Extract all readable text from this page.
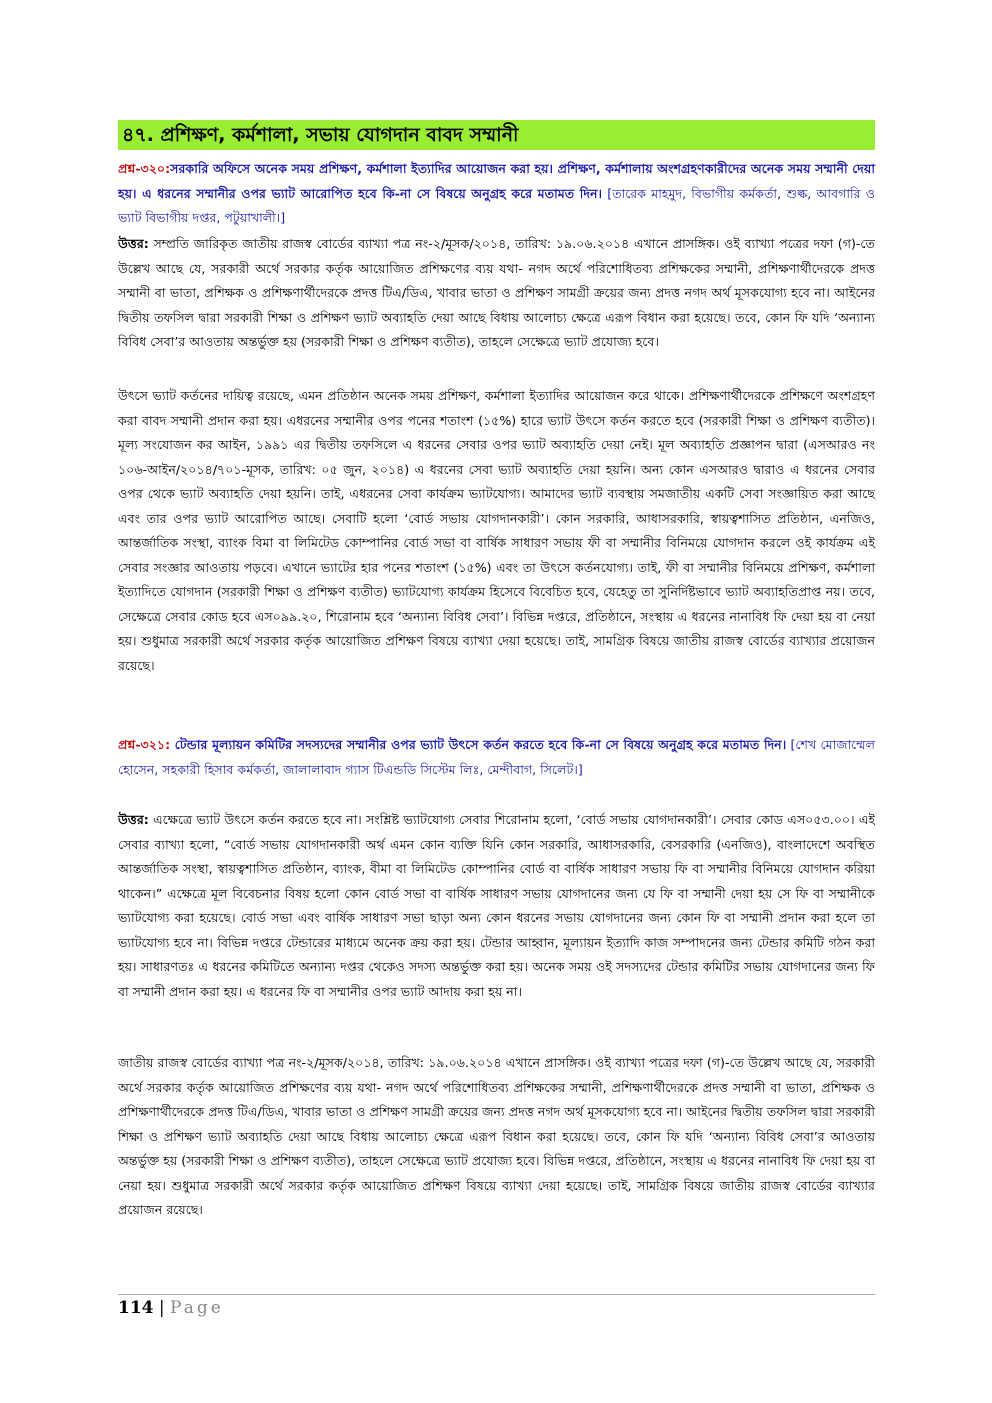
৪৭. প্রশিক্ষণ, কর্মশালা, সভায় যোগদান বাবদ সম্মানী
প্রশ্ন-৩২০:সরকারি অফিসে অনেক সময় প্রশিক্ষণ, কর্মশালা ইত্যাদির আয়োজন করা হয়। প্রশিক্ষণ, কর্মশালায় অংশগ্রহণকারীদের অনেক সময় সম্মানী দেয়া হয়। এ ধরনের সম্মানীর ওপর ভ্যাট আরোপিত হবে কি-না সে বিষয়ে অনুগ্রহ করে মতামত দিন। [তারেক মাহমুদ, বিভাগীয় কর্মকর্তা, শুল্ক, আবগারি ও ভ্যাট বিভাগীয় দপ্তর, পটুয়াখালী।]
উত্তর: সম্প্রতি জারিকৃত জাতীয় রাজস্ব বোর্ডের ব্যাখ্যা পত্র নং-২/মূসক/২০১৪, তারিখ: ১৯.০৬.২০১৪ এখানে প্রাসঙ্গিক। ওই ব্যাখ্যা পত্রের দফা (গ)-তে উল্লেখ আছে যে, সরকারী অর্থে সরকার কর্তৃক আয়োজিত প্রশিক্ষণের ব্যয় যথা- নগদ অর্থে পরিশোধিতব্য প্রশিক্ষকের সম্মানী, প্রশিক্ষণার্থীদেরকে প্রদত্ত সম্মানী বা ভাতা, প্রশিক্ষক ও প্রশিক্ষণার্থীদেরকে প্রদত্ত টিএ/ডিএ, খাবার ভাতা ও প্রশিক্ষণ সামগ্রী ক্রয়ের জন্য প্রদত্ত নগদ অর্থ মূসকযোগ্য হবে না। আইনের দ্বিতীয় তফসিল দ্বারা সরকারী শিক্ষা ও প্রশিক্ষণ ভ্যাট অব্যাহতি দেয়া আছে বিধায় আলোচ্য ক্ষেত্রে এরূপ বিধান করা হয়েছে। তবে, কোন ফি যদি ‘অন্যান্য বিবিধ সেবা’র আওতায় অন্তর্ভুক্ত হয় (সরকারী শিক্ষা ও প্রশিক্ষণ ব্যতীত), তাহলে সেক্ষেত্রে ভ্যাট প্রযোজ্য হবে।
উৎসে ভ্যাট কর্তনের দায়িত্ব রয়েছে, এমন প্রতিষ্ঠান অনেক সময় প্রশিক্ষণ, কর্মশালা ইত্যাদির আয়োজন করে থাকে। প্রশিক্ষণার্থীদেরকে প্রশিক্ষণে অংশগ্রহণ করা বাবদ সম্মানী প্রদান করা হয়। এধরনের সম্মানীর ওপর পনের শতাংশ (১৫%) হারে ভ্যাট উৎসে কর্তন করতে হবে (সরকারী শিক্ষা ও প্রশিক্ষণ ব্যতীত)। মূল্য সংযোজন কর আইন, ১৯৯১ এর দ্বিতীয় তফসিলে এ ধরনের সেবার ওপর ভ্যাট অব্যাহতি দেয়া নেই। মূল অব্যাহতি প্রজ্ঞাপন দ্বারা (এসআরও নং ১০৬-আইন/২০১৪/৭০১-মূসক, তারিখ: ০৫ জুন, ২০১৪) এ ধরনের সেবা ভ্যাট অব্যাহতি দেয়া হয়নি। অন্য কোন এসআরও দ্বারাও এ ধরনের সেবার ওপর থেকে ভ্যাট অব্যাহতি দেয়া হয়নি। তাই, এধরনের সেবা কার্যক্রম ভ্যাটযোগ্য। আমাদের ভ্যাট ব্যবস্থায় সমজাতীয় একটি সেবা সংজ্ঞায়িত করা আছে এবং তার ওপর ভ্যাট আরোপিত আছে। সেবাটি হলো ‘বোর্ড সভায় যোগদানকারী’। কোন সরকারি, আধাসরকারি, স্বায়ত্বশাসিত প্রতিষ্ঠান, এনজিও, আন্তর্জাতিক সংস্থা, ব্যাংক বিমা বা লিমিটেড কোম্পানির বোর্ড সভা বা বার্ষিক সাধারণ সভায় ফী বা সম্মানীর বিনিময়ে যোগদান করলে ওই কার্যক্রম এই সেবার সংজ্ঞার আওতায় পড়বে। এখানে ভ্যাটের হার পনের শতাংশ (১৫%) এবং তা উৎসে কর্তনযোগ্য। তাই, ফী বা সম্মানীর বিনিময়ে প্রশিক্ষণ, কর্মশালা ইত্যাদিতে যোগদান (সরকারী শিক্ষা ও প্রশিক্ষণ ব্যতীত) ভ্যাটযোগ্য কার্যক্রম হিসেবে বিবেচিত হবে, যেহেতু তা সুনির্দিষ্টভাবে ভ্যাট অব্যাহতিপ্রাপ্ত নয়। তবে, সেক্ষেত্রে সেবার কোড হবে এস০৯৯.২০, শিরোনাম হবে ‘অন্যান্য বিবিধ সেবা’। বিভিন্ন দপ্তরে, প্রতিষ্ঠানে, সংস্থায় এ ধরনের নানাবিধ ফি দেয়া হয় বা নেয়া হয়। শুধুমাত্র সরকারী অর্থে সরকার কর্তৃক আয়োজিত প্রশিক্ষণ বিষয়ে ব্যাখ্যা দেয়া হয়েছে। তাই, সামগ্রিক বিষয়ে জাতীয় রাজস্ব বোর্ডের ব্যাখ্যার প্রয়োজন রয়েছে।
প্রশ্ন-৩২১: টেন্ডার মূল্যায়ন কমিটির সদস্যদের সম্মানীর ওপর ভ্যাট উৎসে কর্তন করতে হবে কি-না সে বিষয়ে অনুগ্রহ করে মতামত দিন। [শেখ মোজাম্মেল হোসেন, সহকারী হিসাব কর্মকর্তা, জালালাবাদ গ্যাস টিএন্ডডি সিস্টেম লিঃ, মেন্দীবাগ, সিলেট।]
উত্তর: এক্ষেত্রে ভ্যাট উৎসে কর্তন করতে হবে না। সংশ্লিষ্ট ভ্যাটযোগ্য সেবার শিরোনাম হলো, ‘বোর্ড সভায় যোগদানকারী’। সেবার কোড এস০৫৩.০০। এই সেবার ব্যাখ্যা হলো, “বোর্ড সভায় যোগদানকারী অর্থ এমন কোন ব্যক্তি যিনি কোন সরকারি, আধাসরকারি, বেসরকারি (এনজিও), বাংলাদেশে অবস্থিত আন্তর্জাতিক সংস্থা, স্বায়ত্বশাসিত প্রতিষ্ঠান, ব্যাংক, বীমা বা লিমিটেড কোম্পানির বোর্ড বা বার্ষিক সাধারণ সভায় ফি বা সম্মানীর বিনিময়ে যোগদান করিয়া থাকেন।” এক্ষেত্রে মূল বিবেচনার বিষয় হলো কোন বোর্ড সভা বা বার্ষিক সাধারণ সভায় যোগদানের জন্য যে ফি বা সম্মানী দেয়া হয় সে ফি বা সম্মানীকে ভ্যাটযোগ্য করা হয়েছে। বোর্ড সভা এবং বার্ষিক সাধারণ সভা ছাড়া অন্য কোন ধরনের সভায় যোগদানের জন্য কোন ফি বা সম্মানী প্রদান করা হলে তা ভ্যাটযোগ্য হবে না। বিভিন্ন দপ্তরে টেন্ডারের মাধ্যমে অনেক ক্রয় করা হয়। টেন্ডার আহ্বান, মূল্যায়ন ইত্যাদি কাজ সম্পাদনের জন্য টেন্ডার কমিটি গঠন করা হয়। সাধারণতঃ এ ধরনের কমিটিতে অন্যান্য দপ্তর থেকেও সদস্য অন্তর্ভুক্ত করা হয়। অনেক সময় ওই সদস্যদের টেন্ডার কমিটির সভায় যোগদানের জন্য ফি বা সম্মানী প্রদান করা হয়। এ ধরনের ফি বা সম্মানীর ওপর ভ্যাট আদায় করা হয় না।
জাতীয় রাজস্ব বোর্ডের ব্যাখ্যা পত্র নং-২/মূসক/২০১৪, তারিখ: ১৯.০৬.২০১৪ এখানে প্রাসঙ্গিক। ওই ব্যাখ্যা পত্রের দফা (গ)-তে উল্লেখ আছে যে, সরকারী অর্থে সরকার কর্তৃক আয়োজিত প্রশিক্ষণের ব্যয় যথা- নগদ অর্থে পরিশোধিতব্য প্রশিক্ষকের সম্মানী, প্রশিক্ষণার্থীদেরকে প্রদত্ত সম্মানী বা ভাতা, প্রশিক্ষক ও প্রশিক্ষণার্থীদেরকে প্রদত্ত টিএ/ডিএ, খাবার ভাতা ও প্রশিক্ষণ সামগ্রী ক্রয়ের জন্য প্রদত্ত নগদ অর্থ মূসকযোগ্য হবে না। আইনের দ্বিতীয় তফসিল দ্বারা সরকারী শিক্ষা ও প্রশিক্ষণ ভ্যাট অব্যাহতি দেয়া আছে বিধায় আলোচ্য ক্ষেত্রে এরূপ বিধান করা হয়েছে। তবে, কোন ফি যদি ‘অন্যান্য বিবিধ সেবা’র আওতায় অন্তর্ভুক্ত হয় (সরকারী শিক্ষা ও প্রশিক্ষণ ব্যতীত), তাহলে সেক্ষেত্রে ভ্যাট প্রযোজ্য হবে। বিভিন্ন দপ্তরে, প্রতিষ্ঠানে, সংস্থায় এ ধরনের নানাবিধ ফি দেয়া হয় বা নেয়া হয়। শুধুমাত্র সরকারী অর্থে সরকার কর্তৃক আয়োজিত প্রশিক্ষণ বিষয়ে ব্যাখ্যা দেয়া হয়েছে। তাই, সামগ্রিক বিষয়ে জাতীয় রাজস্ব বোর্ডের ব্যাখ্যার প্রয়োজন রয়েছে।
114 | Page
